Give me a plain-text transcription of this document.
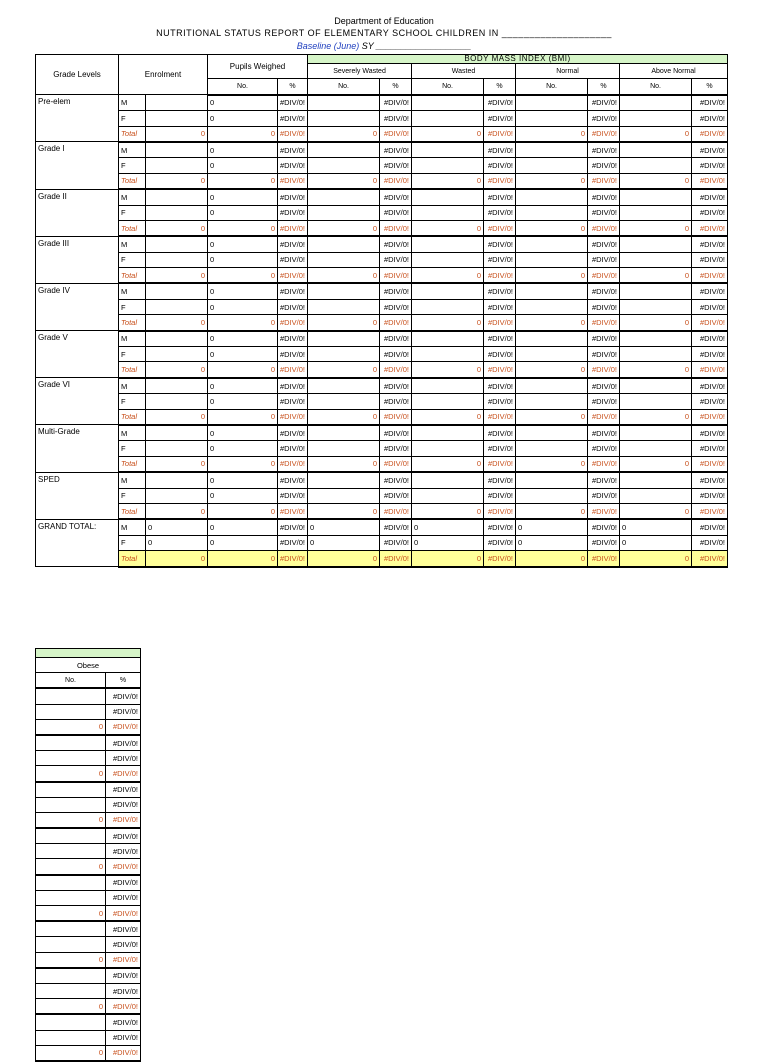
Department of Education
NUTRITIONAL STATUS REPORT OF ELEMENTARY SCHOOL CHILDREN IN ____________________
Baseline (June) SY ___________________
Grade Levels	Enrolment		Pupils Weighed		BODY MASS INDEX (BMI)							
					Severely Wasted		Wasted		Normal		Above Normal	
			No.	%	No.	%	No.	%	No.	%	No.	%
Pre-elem	M		0	#DIV/0!		#DIV/0!		#DIV/0!		#DIV/0!		#DIV/0!
	F		0	#DIV/0!		#DIV/0!		#DIV/0!		#DIV/0!		#DIV/0!
	Total	0	0	#DIV/0!	0	#DIV/0!	0	#DIV/0!	0	#DIV/0!	0	#DIV/0!
Grade I	M		0	#DIV/0!		#DIV/0!		#DIV/0!		#DIV/0!		#DIV/0!
	F		0	#DIV/0!		#DIV/0!		#DIV/0!		#DIV/0!		#DIV/0!
	Total	0	0	#DIV/0!	0	#DIV/0!	0	#DIV/0!	0	#DIV/0!	0	#DIV/0!
Grade II	M		0	#DIV/0!		#DIV/0!		#DIV/0!		#DIV/0!		#DIV/0!
	F		0	#DIV/0!		#DIV/0!		#DIV/0!		#DIV/0!		#DIV/0!
	Total	0	0	#DIV/0!	0	#DIV/0!	0	#DIV/0!	0	#DIV/0!	0	#DIV/0!
Grade III	M		0	#DIV/0!		#DIV/0!		#DIV/0!		#DIV/0!		#DIV/0!
	F		0	#DIV/0!		#DIV/0!		#DIV/0!		#DIV/0!		#DIV/0!
	Total	0	0	#DIV/0!	0	#DIV/0!	0	#DIV/0!	0	#DIV/0!	0	#DIV/0!
Grade IV	M		0	#DIV/0!		#DIV/0!		#DIV/0!		#DIV/0!		#DIV/0!
	F		0	#DIV/0!		#DIV/0!		#DIV/0!		#DIV/0!		#DIV/0!
	Total	0	0	#DIV/0!	0	#DIV/0!	0	#DIV/0!	0	#DIV/0!	0	#DIV/0!
Grade V	M		0	#DIV/0!		#DIV/0!		#DIV/0!		#DIV/0!		#DIV/0!
	F		0	#DIV/0!		#DIV/0!		#DIV/0!		#DIV/0!		#DIV/0!
	Total	0	0	#DIV/0!	0	#DIV/0!	0	#DIV/0!	0	#DIV/0!	0	#DIV/0!
Grade VI	M		0	#DIV/0!		#DIV/0!		#DIV/0!		#DIV/0!		#DIV/0!
	F		0	#DIV/0!		#DIV/0!		#DIV/0!		#DIV/0!		#DIV/0!
	Total	0	0	#DIV/0!	0	#DIV/0!	0	#DIV/0!	0	#DIV/0!	0	#DIV/0!
Multi-Grade	M		0	#DIV/0!		#DIV/0!		#DIV/0!		#DIV/0!		#DIV/0!
	F		0	#DIV/0!		#DIV/0!		#DIV/0!		#DIV/0!		#DIV/0!
	Total	0	0	#DIV/0!	0	#DIV/0!	0	#DIV/0!	0	#DIV/0!	0	#DIV/0!
SPED	M		0	#DIV/0!		#DIV/0!		#DIV/0!		#DIV/0!		#DIV/0!
	F		0	#DIV/0!		#DIV/0!		#DIV/0!		#DIV/0!		#DIV/0!
	Total	0	0	#DIV/0!	0	#DIV/0!	0	#DIV/0!	0	#DIV/0!	0	#DIV/0!
GRAND TOTAL:	M	0	0	#DIV/0!	0	#DIV/0!	0	#DIV/0!	0	#DIV/0!	0	#DIV/0!
	F	0	0	#DIV/0!	0	#DIV/0!	0	#DIV/0!	0	#DIV/0!	0	#DIV/0!
	Total	0	0	#DIV/0!	0	#DIV/0!	0	#DIV/0!	0	#DIV/0!	0	#DIV/0!

Obese	
No.	%
	#DIV/0!
	#DIV/0!
0	#DIV/0!
	#DIV/0!
	#DIV/0!
0	#DIV/0!
	#DIV/0!
	#DIV/0!
0	#DIV/0!
	#DIV/0!
	#DIV/0!
0	#DIV/0!
	#DIV/0!
	#DIV/0!
0	#DIV/0!
	#DIV/0!
	#DIV/0!
0	#DIV/0!
	#DIV/0!
	#DIV/0!
0	#DIV/0!
	#DIV/0!
	#DIV/0!
0	#DIV/0!
